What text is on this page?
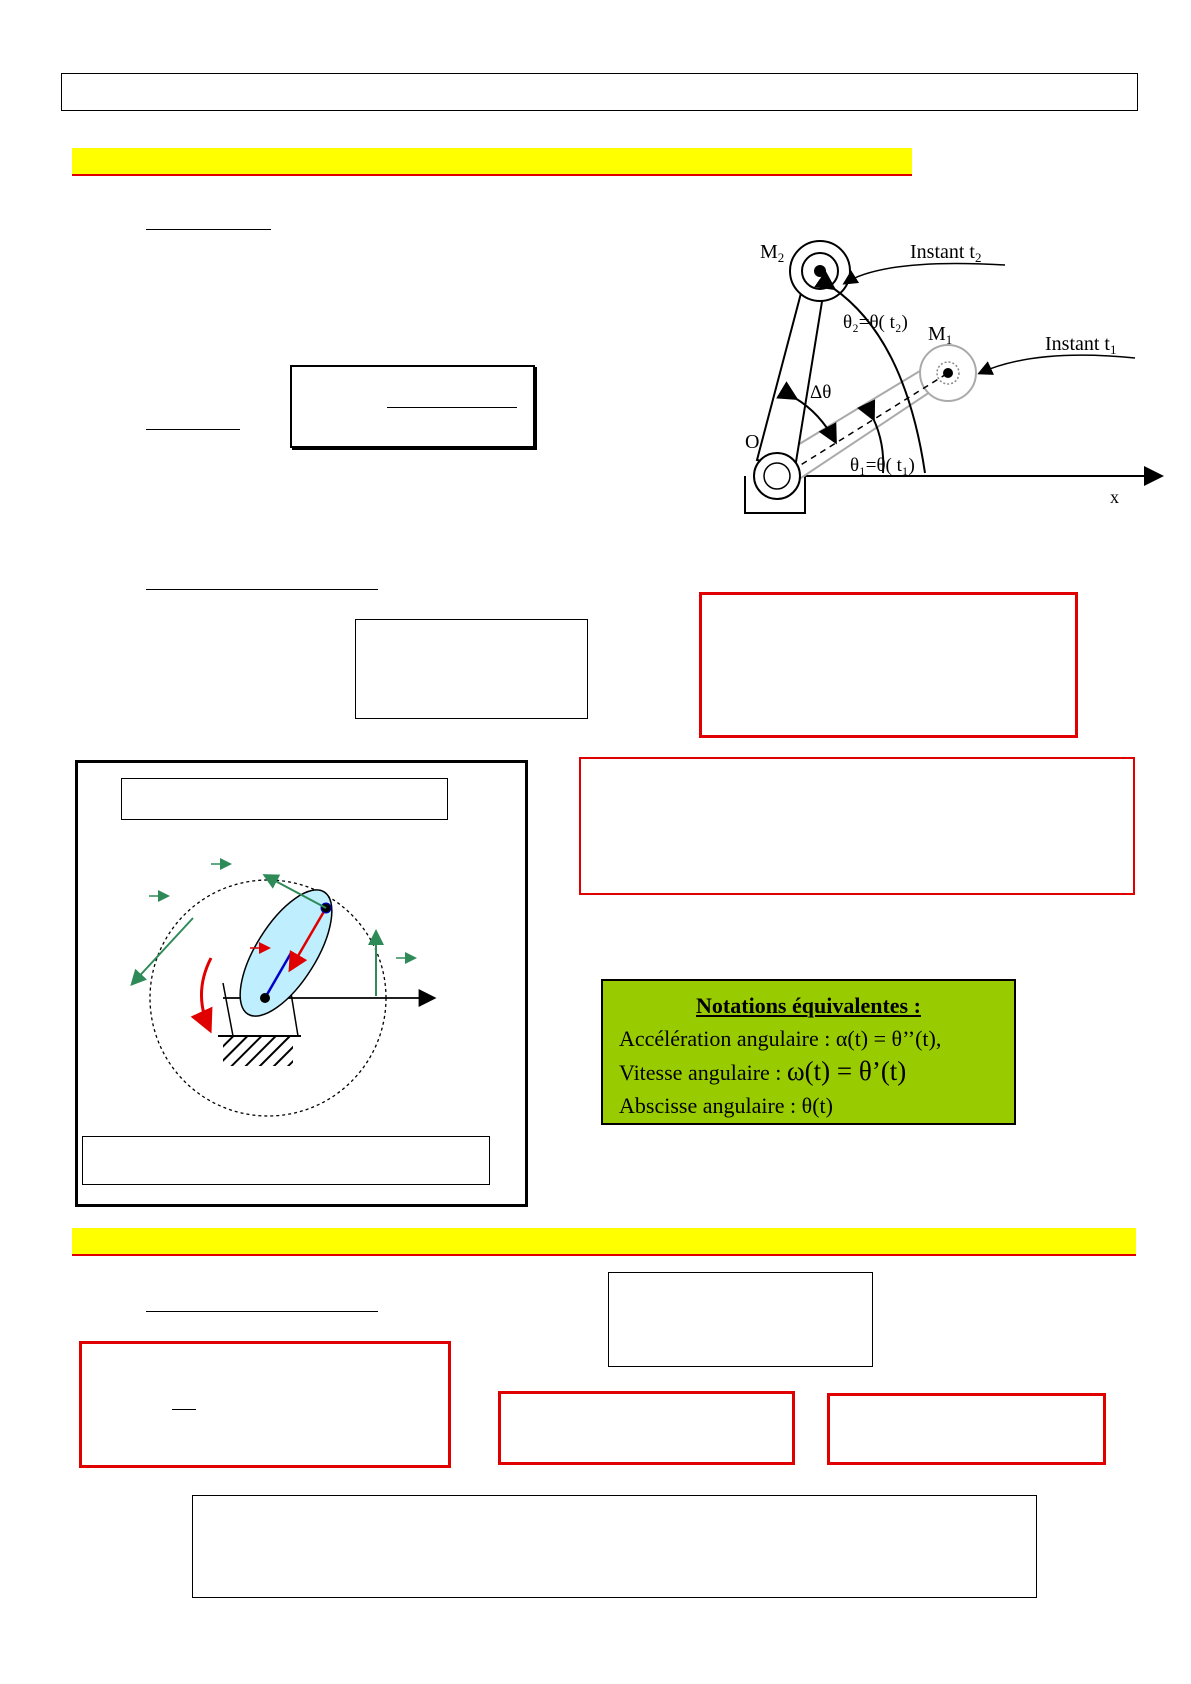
$M_2$	Instant $t_2$
θ₂=θ( t₂)
$M_1$	Instant $t_1$
Δθ
O
θ₁=θ( t₁)
x
Notations équivalentes :
Accélération angulaire : α(t) = θ’’(t),
Vitesse angulaire : ω(t) = θ’(t)
Abscisse angulaire : θ(t)
